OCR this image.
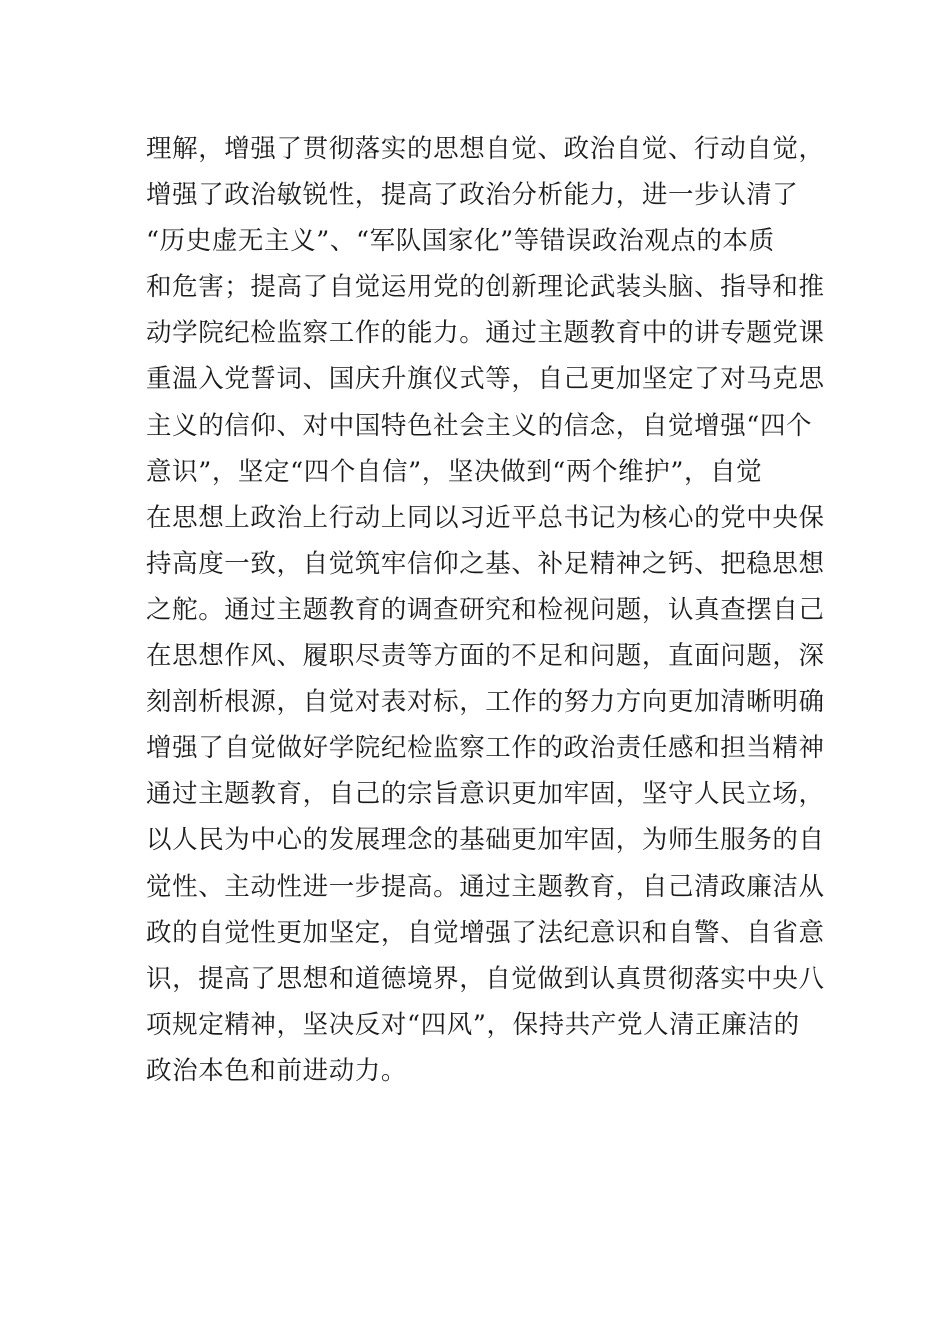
理解，增强了贯彻落实的思想自觉、政治自觉、行动自觉，
增强了政治敏锐性，提高了政治分析能力，进一步认清了
“历史虚无主义”、“军队国家化”等错误政治观点的本质
和危害；提高了自觉运用党的创新理论武装头脑、指导和推
动学院纪检监察工作的能力。通过主题教育中的讲专题党课
重温入党誓词、国庆升旗仪式等，自己更加坚定了对马克思
主义的信仰、对中国特色社会主义的信念，自觉增强“四个
意识”，坚定“四个自信”，坚决做到“两个维护”，自觉
在思想上政治上行动上同以习近平总书记为核心的党中央保
持高度一致，自觉筑牢信仰之基、补足精神之钙、把稳思想
之舵。通过主题教育的调查研究和检视问题，认真查摆自己
在思想作风、履职尽责等方面的不足和问题，直面问题，深
刻剖析根源，自觉对表对标，工作的努力方向更加清晰明确
增强了自觉做好学院纪检监察工作的政治责任感和担当精神
通过主题教育，自己的宗旨意识更加牢固，坚守人民立场，
以人民为中心的发展理念的基础更加牢固，为师生服务的自
觉性、主动性进一步提高。通过主题教育，自己清政廉洁从
政的自觉性更加坚定，自觉增强了法纪意识和自警、自省意
识，提高了思想和道德境界，自觉做到认真贯彻落实中央八
项规定精神，坚决反对“四风”，保持共产党人清正廉洁的
政治本色和前进动力。
